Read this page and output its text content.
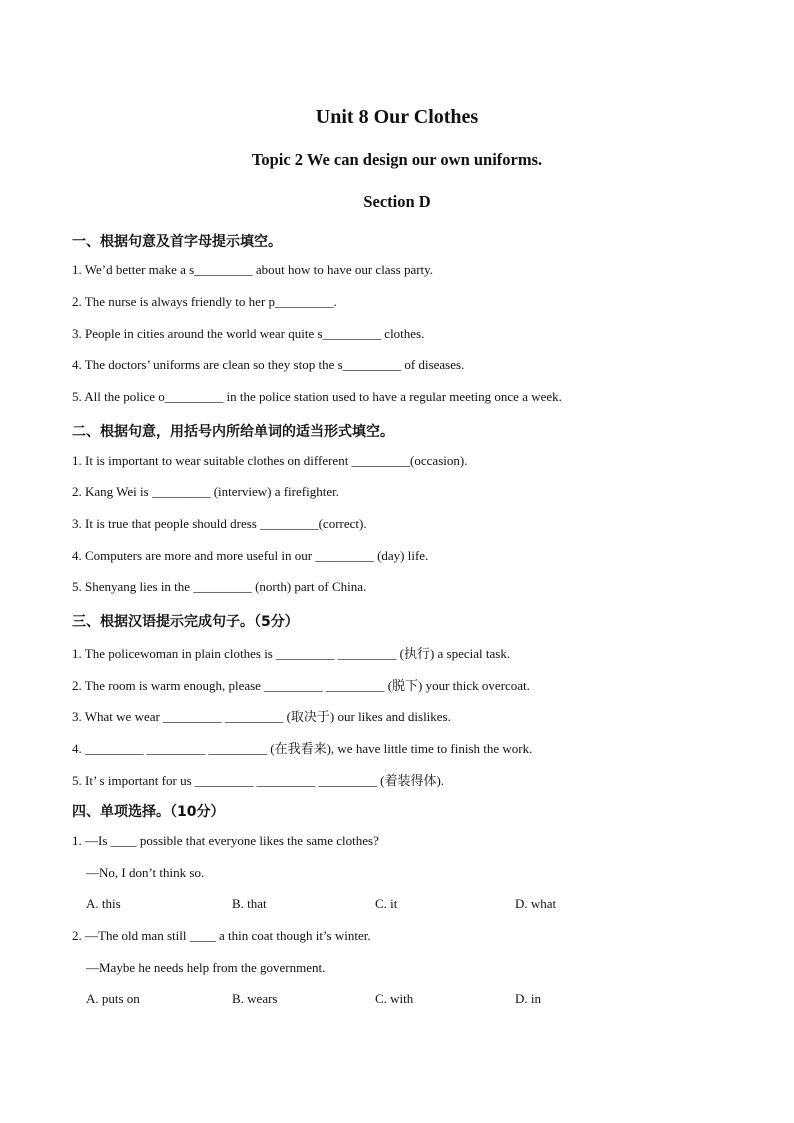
Unit 8 Our Clothes
Topic 2 We can design our own uniforms.
Section D
一、根据句意及首字母提示填空。
1. We’d better make a s_________ about how to have our class party.
2. The nurse is always friendly to her p_________.
3. People in cities around the world wear quite s_________ clothes.
4. The doctors’ uniforms are clean so they stop the s_________ of diseases.
5. All the police o_________ in the police station used to have a regular meeting once a week.
二、根据句意，用括号内所给单词的适当形式填空。
1. It is important to wear suitable clothes on different _________(occasion).
2. Kang Wei is _________ (interview) a firefighter.
3. It is true that people should dress _________(correct).
4. Computers are more and more useful in our _________ (day) life.
5. Shenyang lies in the _________ (north) part of China.
三、根据汉语提示完成句子。（5分）
1. The policewoman in plain clothes is _________ _________ (执行) a special task.
2. The room is warm enough, please _________ _________ (脱下) your thick overcoat.
3. What we wear _________ _________ (取决于) our likes and dislikes.
4. _________ _________ _________ (在我看来), we have little time to finish the work.
5. It’ s important for us _________ _________ _________ (着装得体).
四、单项选择。（10分）
1. —Is ____ possible that everyone likes the same clothes?
—No, I don’t think so.
A. this	B. that	C. it	D. what
2. —The old man still ____ a thin coat though it’s winter.
—Maybe he needs help from the government.
A. puts on	B. wears	C. with	D. in
